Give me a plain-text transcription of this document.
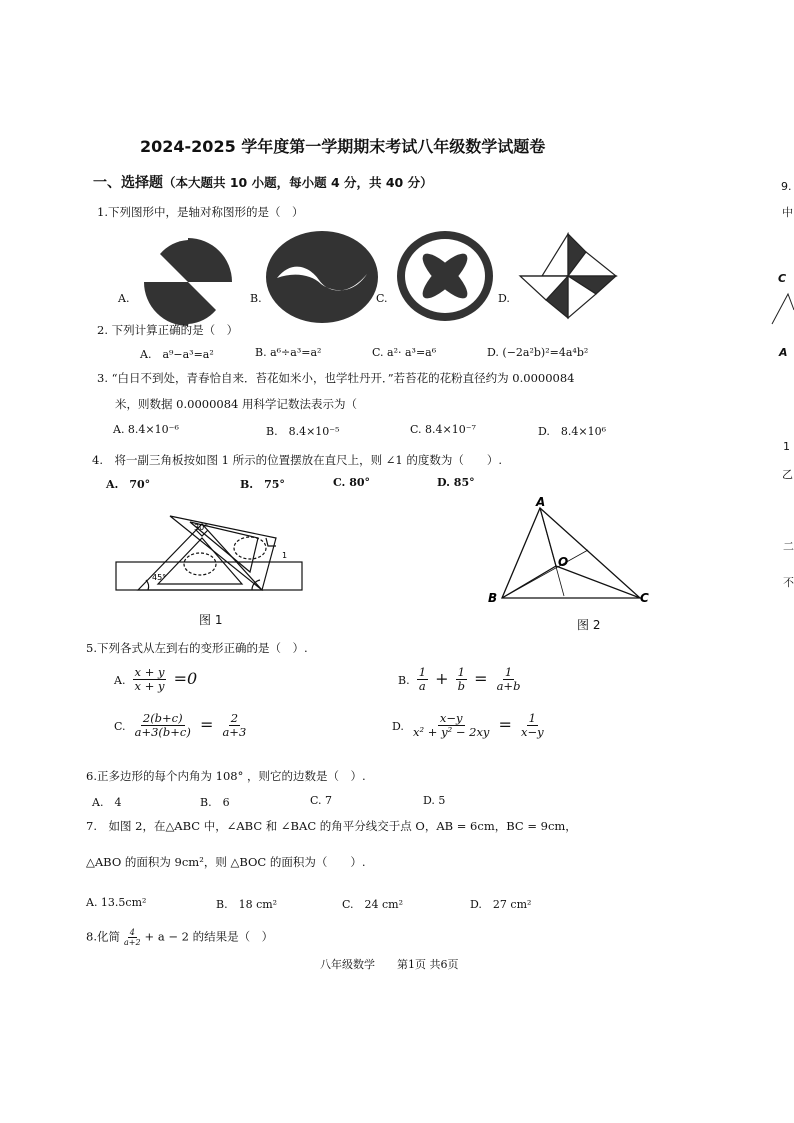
2024-2025 学年度第一学期期末考试八年级数学试题卷
一、选择题（本大题共 10 小题，每小题 4 分，共 40 分）
1.下列图形中，是轴对称图形的是（　）
A.	B.	C.	D.
2. 下列计算正确的是（　）
A.　a⁹−a³=a²	B. a⁶÷a³=a²	C. a²· a³=a⁶	D. (−2a²b)²=4a⁴b²
3. “白日不到处，青春恰自来．苔花如米小，也学牡丹开．”若苔花的花粉直径约为 0.0000084
米，则数据 0.0000084 用科学记数法表示为（
A. 8.4×10⁻⁶	B.　8.4×10⁻⁵	C. 8.4×10⁻⁷	D.　8.4×10⁶
4.　将一副三角板按如图 1 所示的位置摆放在直尺上，则 ∠1 的度数为（　　）.
A.　70°	B.　75°	C. 80°	D. 85°
30°
45°
1
图 1
A
B	C
O
图 2
5.下列各式从左到右的变形正确的是（　）.
A. $\frac{x + y}{x + y} =0$	B. $\frac{1}{a} + \frac{1}{b} = \frac{1}{a+b}$
C. $\frac{2(b+c)}{a+3(b+c)} = \frac{2}{a+3}$	D. $\frac{x-y}{\text{x² + y² − 2xy}} = \frac{1}{x-y}$
6.正多边形的每个内角为 108° ，则它的边数是（　）.
A.　4	B.　6	C. 7	D. 5
7.　如图 2，在△ABC 中，∠ABC 和 ∠BAC 的角平分线交于点 O，AB = 6cm，BC = 9cm，
△ABO 的面积为 9cm²，则 △BOC 的面积为（　　）.
A. 13.5cm²	B.　18 cm²	C.　24 cm²	D.　27 cm²
8.化简 $\frac{4}{a+2} + a - 2$ 的结果是（　）
八年级数学　　第1页 共6页
9.
中
C
A
1
乙
二
不
